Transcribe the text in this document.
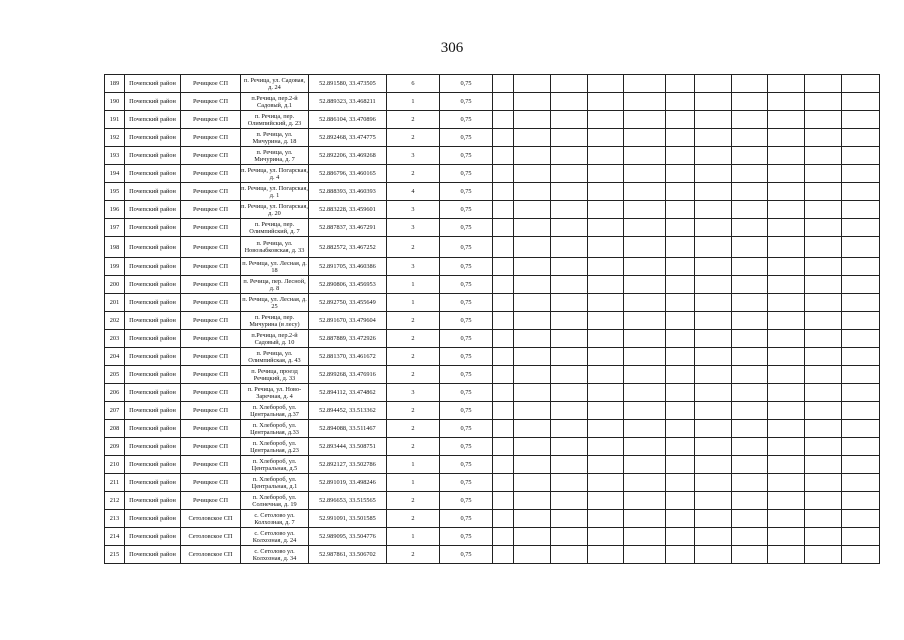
306
189	Почепский район	Речицкое СП	п. Речица, ул. Садовая, д. 24	52.891580, 33.473505	6	0,75											
190	Почепский район	Речицкое СП	п.Речица, пер.2-й Садовый, д.1	52.889323, 33.468211	1	0,75											
191	Почепский район	Речицкое СП	п. Речица, пер. Олимпийский, д. 23	52.886104, 33.470896	2	0,75											
192	Почепский район	Речицкое СП	п. Речица, ул. Мичурина, д. 18	52.892468, 33.474775	2	0,75											
193	Почепский район	Речицкое СП	п. Речица, ул. Мичурина, д. 7	52.892206, 33.469268	3	0,75											
194	Почепский район	Речицкое СП	п. Речица, ул. Погарская, д. 4	52.886796, 33.460165	2	0,75											
195	Почепский район	Речицкое СП	п. Речица, ул. Погарская, д. 1	52.888393, 33.460393	4	0,75											
196	Почепский район	Речицкое СП	п. Речица, ул. Погарская, д. 20	52.883228, 33.459601	3	0,75											
197	Почепский район	Речицкое СП	п. Речица, пер. Олимпийский, д. 7	52.887837, 33.467291	3	0,75											
198	Почепский район	Речицкое СП	п. Речица, ул. Новозыбковская, д. 33	52.882572, 33.467252	2	0,75											
199	Почепский район	Речицкое СП	п. Речица, ул. Лесная, д. 18	52.891705, 33.460386	3	0,75											
200	Почепский район	Речицкое СП	п. Речица, пер. Лесной, д. 8	52.890806, 33.456953	1	0,75											
201	Почепский район	Речицкое СП	п. Речица, ул. Лесная, д. 25	52.892750, 33.455649	1	0,75											
202	Почепский район	Речицкое СП	п. Речица, пер. Мичурина (в лесу)	52.891670, 33.479604	2	0,75											
203	Почепский район	Речицкое СП	п.Речица, пер.2-й Садовый, д. 10	52.887889, 33.472926	2	0,75											
204	Почепский район	Речицкое СП	п. Речица, ул. Олимпийская, д. 43	52.881370, 33.461672	2	0,75											
205	Почепский район	Речицкое СП	п. Речица, проезд Речицкий, д. 33	52.899268, 33.476916	2	0,75											
206	Почепский район	Речицкое СП	п. Речица, ул. Ново-Заречная, д. 4	52.894112, 33.474862	3	0,75											
207	Почепский район	Речицкое СП	п. Хлебороб, ул. Центральная, д.37	52.894452, 33.513362	2	0,75											
208	Почепский район	Речицкое СП	п. Хлебороб, ул. Центральная, д.33	52.894088, 33.511467	2	0,75											
209	Почепский район	Речицкое СП	п. Хлебороб, ул. Центральная, д.23	52.893444, 33.508751	2	0,75											
210	Почепский район	Речицкое СП	п. Хлебороб, ул. Центральная, д.5	52.892127, 33.502786	1	0,75											
211	Почепский район	Речицкое СП	п. Хлебороб, ул. Центральная, д.1	52.891019, 33.498246	1	0,75											
212	Почепский район	Речицкое СП	п. Хлебороб, ул. Солнечная, д. 19	52.896653, 33.515565	2	0,75											
213	Почепский район	Сетоловское СП	с. Сетолово ул. Колхозная, д. 7	52.991091, 33.501585	2	0,75											
214	Почепский район	Сетоловское СП	с. Сетолово ул. Колхозная, д. 24	52.989095, 33.504776	1	0,75											
215	Почепский район	Сетоловское СП	с. Сетолово ул. Колхозная, д. 34	52.987861, 33.506702	2	0,75											
